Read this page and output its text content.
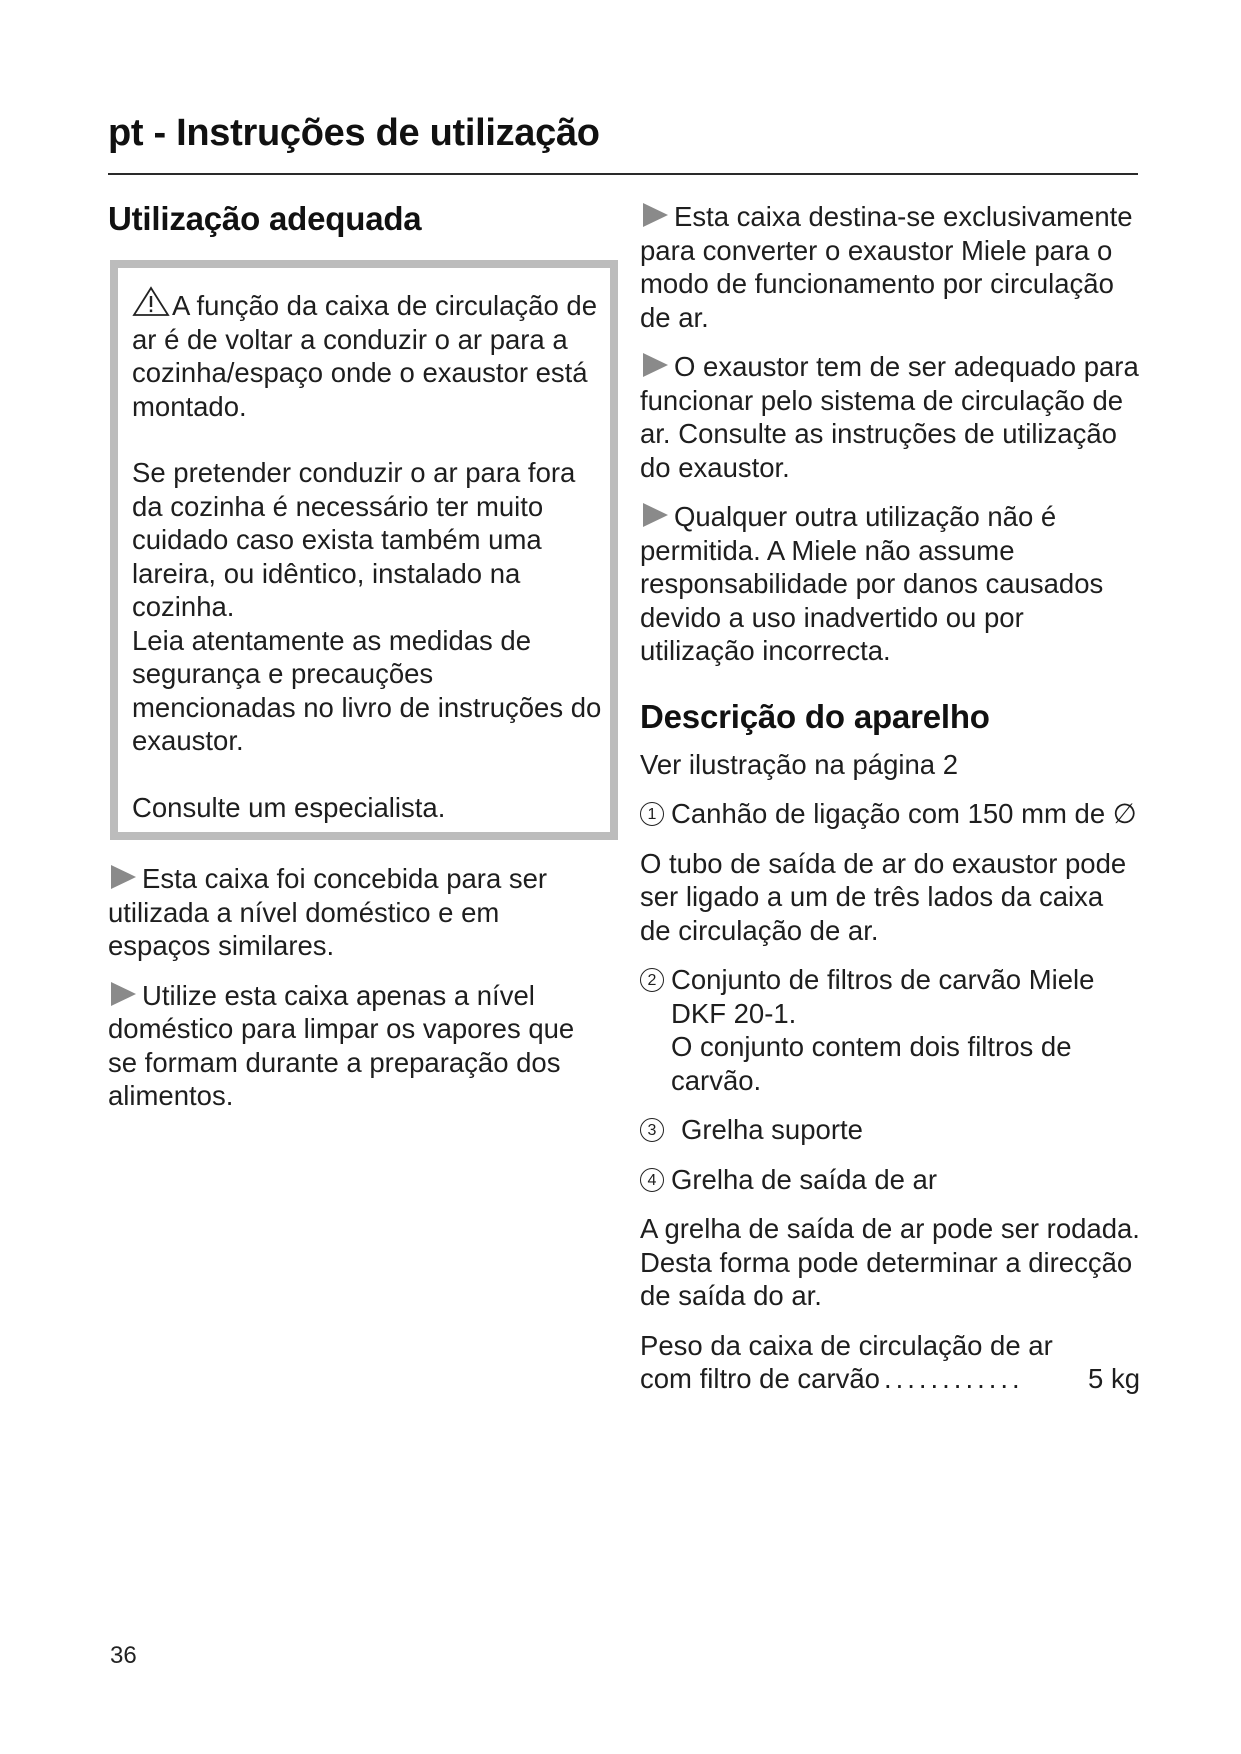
pt - Instruções de utilização
Utilização adequada

A função da caixa de circulação de ar é de voltar a conduzir o ar para a cozinha/espaço onde o exaustor está montado.

Se pretender conduzir o ar para fora da cozinha é necessário ter muito cuidado caso exista também uma lareira, ou idêntico, instalado na cozinha.

Leia atentamente as medidas de segurança e precauções mencionadas no livro de instruções do exaustor.

Consulte um especialista.

Esta caixa foi concebida para ser utilizada a nível doméstico e em espaços similares.

Utilize esta caixa apenas a nível doméstico para limpar os vapores que se formam durante a preparação dos alimentos.

Esta caixa destina-se exclusivamente para converter o exaustor Miele para o modo de funcionamento por circulação de ar.

O exaustor tem de ser adequado para funcionar pelo sistema de circulação de ar. Consulte as instruções de utilização do exaustor.

Qualquer outra utilização não é permitida. A Miele não assume responsabilidade por danos causados devido a uso inadvertido ou por utilização incorrecta.

Descrição do aparelho

Ver ilustração na página 2

1 Canhão de ligação com 150 mm de ∅

O tubo de saída de ar do exaustor pode ser ligado a um de três lados da caixa de circulação de ar.

2 Conjunto de filtros de carvão Miele DKF 20-1.
O conjunto contem dois filtros de carvão.

3 Grelha suporte

4 Grelha de saída de ar

A grelha de saída de ar pode ser rodada. Desta forma pode determinar a direcção de saída do ar.

Peso da caixa de circulação de ar

com filtro de carvão ............	5 kg

36
